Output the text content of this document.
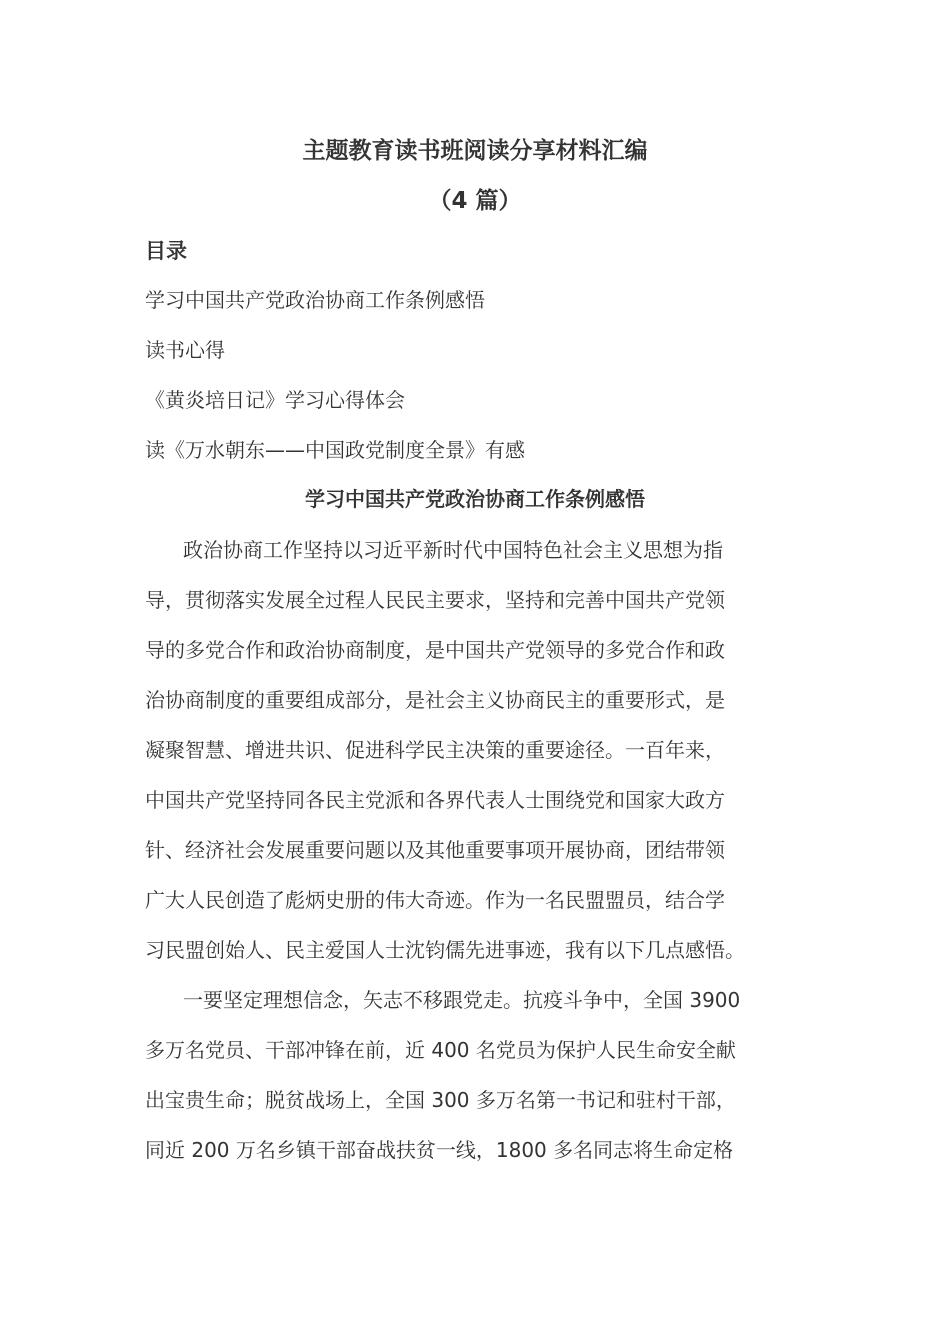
主题教育读书班阅读分享材料汇编
（4 篇）
目录
学习中国共产党政治协商工作条例感悟
读书心得
《黄炎培日记》学习心得体会
读《万水朝东——中国政党制度全景》有感
学习中国共产党政治协商工作条例感悟
政治协商工作坚持以习近平新时代中国特色社会主义思想为指
导，贯彻落实发展全过程人民民主要求，坚持和完善中国共产党领
导的多党合作和政治协商制度，是中国共产党领导的多党合作和政
治协商制度的重要组成部分，是社会主义协商民主的重要形式，是
凝聚智慧、增进共识、促进科学民主决策的重要途径。一百年来，
中国共产党坚持同各民主党派和各界代表人士围绕党和国家大政方
针、经济社会发展重要问题以及其他重要事项开展协商，团结带领
广大人民创造了彪炳史册的伟大奇迹。作为一名民盟盟员，结合学
习民盟创始人、民主爱国人士沈钧儒先进事迹，我有以下几点感悟。
一要坚定理想信念，矢志不移跟党走。抗疫斗争中，全国 3900
多万名党员、干部冲锋在前，近 400 名党员为保护人民生命安全献
出宝贵生命；脱贫战场上，全国 300 多万名第一书记和驻村干部，
同近 200 万名乡镇干部奋战扶贫一线，1800 多名同志将生命定格
